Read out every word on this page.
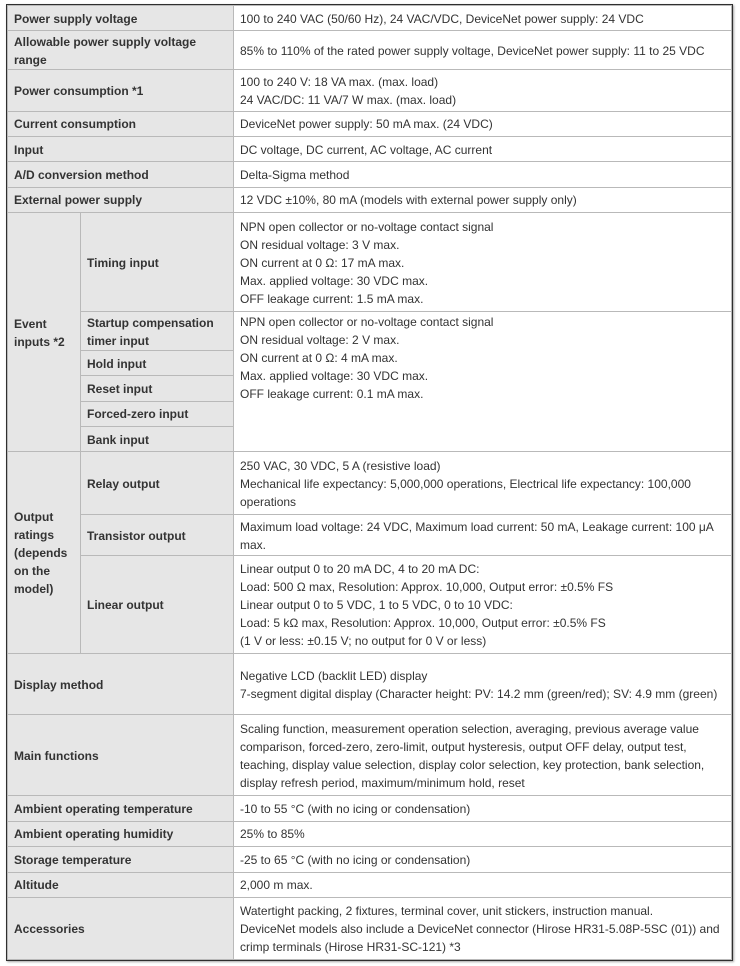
Power supply voltage		100 to 240 VAC (50/60 Hz), 24 VAC/VDC, DeviceNet power supply: 24 VDC
Allowable power supply voltage range		85% to 110% of the rated power supply voltage, DeviceNet power supply: 11 to 25 VDC
Power consumption *1		100 to 240 V: 18 VA max. (max. load)
24 VAC/DC: 11 VA/7 W max. (max. load)

Current consumption		DeviceNet power supply: 50 mA max. (24 VDC)
Input		DC voltage, DC current, AC voltage, AC current
A/D conversion method		Delta-Sigma method
External power supply		12 VDC ±10%, 80 mA (models with external power supply only)
Event inputs *2	Timing input	NPN open collector or no-voltage contact signal
ON residual voltage: 3 V max.
ON current at 0 Ω: 17 mA max.
Max. applied voltage: 30 VDC max.
OFF leakage current: 1.5 mA max.

	Startup compensation timer input	NPN open collector or no-voltage contact signal
ON residual voltage: 2 V max.
ON current at 0 Ω: 4 mA max.
Max. applied voltage: 30 VDC max.
OFF leakage current: 0.1 mA max.

	Hold input	
	Reset input	
	Forced-zero input	
	Bank input	
Output ratings (depends on the model)	Relay output	250 VAC, 30 VDC, 5 A (resistive load)
Mechanical life expectancy: 5,000,000 operations, Electrical life expectancy: 100,000 operations

	Transistor output	Maximum load voltage: 24 VDC, Maximum load current: 50 mA, Leakage current: 100 μA max.
	Linear output	Linear output 0 to 20 mA DC, 4 to 20 mA DC:
Load: 500 Ω max, Resolution: Approx. 10,000, Output error: ±0.5% FS
Linear output 0 to 5 VDC, 1 to 5 VDC, 0 to 10 VDC:
Load: 5 kΩ max, Resolution: Approx. 10,000, Output error: ±0.5% FS
(1 V or less: ±0.15 V; no output for 0 V or less)

Display method		Negative LCD (backlit LED) display
7-segment digital display (Character height: PV: 14.2 mm (green/red); SV: 4.9 mm (green)

Main functions		Scaling function, measurement operation selection, averaging, previous average value comparison, forced-zero, zero-limit, output hysteresis, output OFF delay, output test, teaching, display value selection, display color selection, key protection, bank selection, display refresh period, maximum/minimum hold, reset
Ambient operating temperature		-10 to 55 °C (with no icing or condensation)
Ambient operating humidity		25% to 85%
Storage temperature		-25 to 65 °C (with no icing or condensation)
Altitude		2,000 m max.
Accessories		Watertight packing, 2 fixtures, terminal cover, unit stickers, instruction manual.
DeviceNet models also include a DeviceNet connector (Hirose HR31-5.08P-5SC (01)) and crimp terminals (Hirose HR31-SC-121) *3
